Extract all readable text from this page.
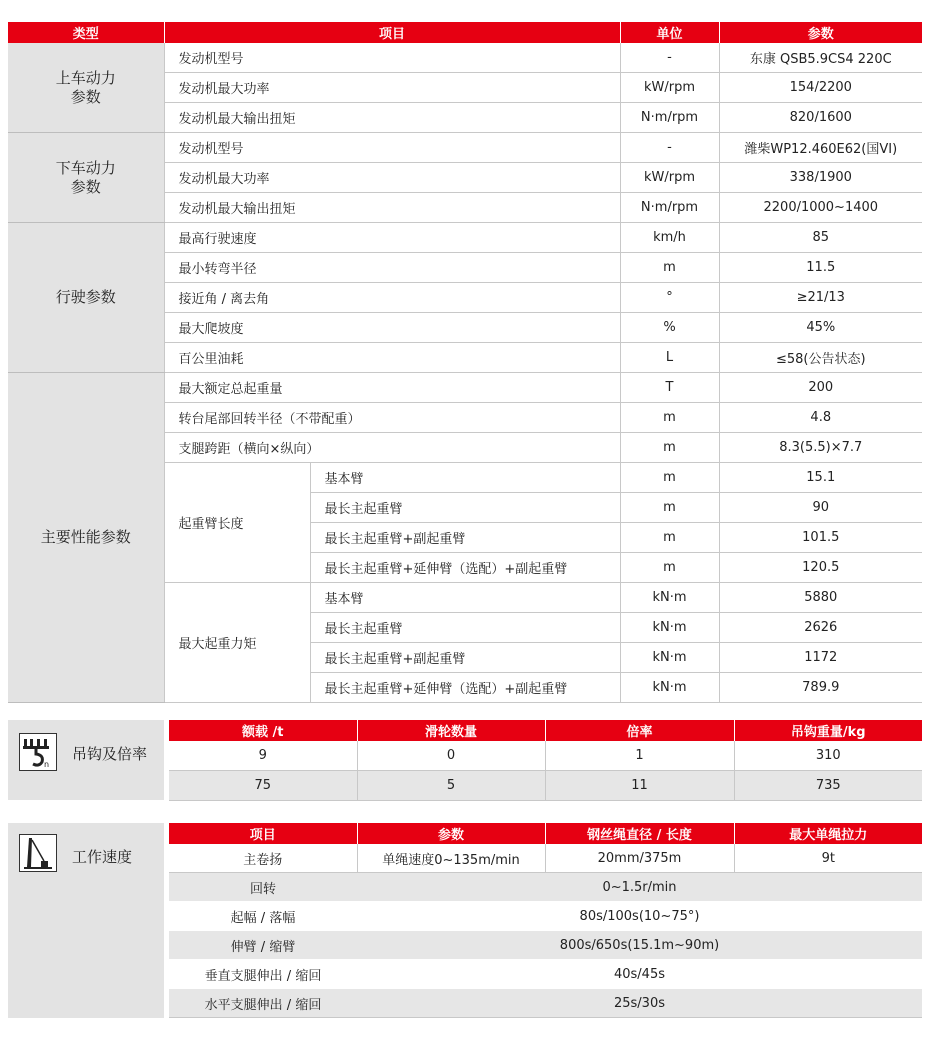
类型	项目		单位	参数
上车动力
参数	发动机型号		-	东康 QSB5.9CS4 220C
	发动机最大功率		kW/rpm	154/2200
	发动机最大输出扭矩		N·m/rpm	820/1600
下车动力
参数	发动机型号		-	潍柴WP12.460E62(国VI)
	发动机最大功率		kW/rpm	338/1900
	发动机最大输出扭矩		N·m/rpm	2200/1000~1400
行驶参数	最高行驶速度		km/h	85
	最小转弯半径		m	11.5
	接近角 / 离去角		°	≥21/13
	最大爬坡度		%	45%
	百公里油耗		L	≤58(公告状态)
主要性能参数	最大额定总起重量		T	200
	转台尾部回转半径（不带配重）		m	4.8
	支腿跨距（横向×纵向）		m	8.3(5.5)×7.7
	起重臂长度	基本臂	m	15.1
		最长主起重臂	m	90
		最长主起重臂+副起重臂	m	101.5
		最长主起重臂+延伸臂（选配）+副起重臂	m	120.5
	最大起重力矩	基本臂	kN·m	5880
		最长主起重臂	kN·m	2626
		最长主起重臂+副起重臂	kN·m	1172
		最长主起重臂+延伸臂（选配）+副起重臂	kN·m	789.9
n
吊钩及倍率
额载 /t	滑轮数量	倍率	吊钩重量/kg
9	0	1	310
75	5	11	735
工作速度
项目	参数	钢丝绳直径 / 长度	最大单绳拉力
主卷扬	单绳速度0~135m/min	20mm/375m	9t
回转	0~1.5r/min		
起幅 / 落幅	80s/100s(10~75°)		
伸臂 / 缩臂	800s/650s(15.1m~90m)		
垂直支腿伸出 / 缩回	40s/45s		
水平支腿伸出 / 缩回	25s/30s		
